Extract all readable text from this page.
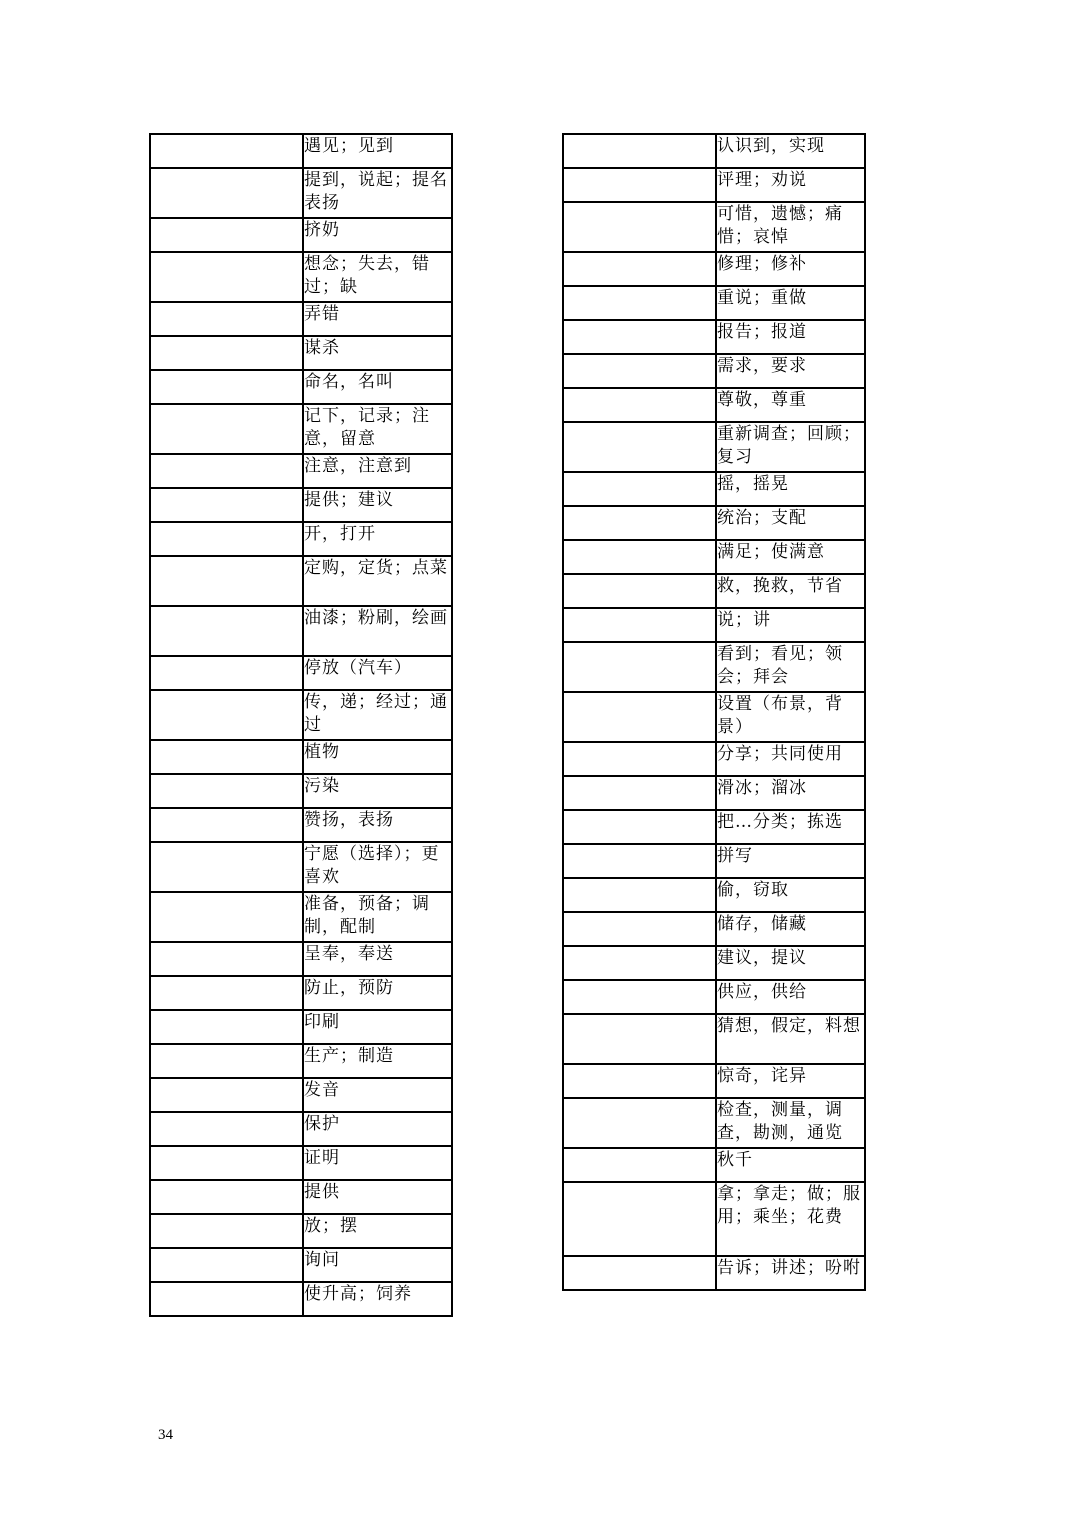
	遇见；见到
	提到，说起；提名表扬
	挤奶
	想念；失去，错过；缺
	弄错
	谋杀
	命名，名叫
	记下，记录；注意，留意
	注意，注意到
	提供；建议
	开，打开
	定购，定货；点菜
	油漆；粉刷，绘画
	停放（汽车）
	传，递；经过；通过
	植物
	污染
	赞扬，表扬
	宁愿（选择）；更喜欢
	准备，预备；调制，配制
	呈奉，奉送
	防止，预防
	印刷
	生产；制造
	发音
	保护
	证明
	提供
	放；摆
	询问
	使升高；饲养
	认识到，实现
	评理；劝说
	可惜，遗憾；痛惜；哀悼
	修理；修补
	重说；重做
	报告；报道
	需求，要求
	尊敬，尊重
	重新调查；回顾；复习
	摇，摇晃
	统治；支配
	满足；使满意
	救，挽救，节省
	说；讲
	看到；看见；领会；拜会
	设置（布景，背景）
	分享；共同使用
	滑冰；溜冰
	把…分类；拣选
	拼写
	偷，窃取
	储存，储藏
	建议，提议
	供应，供给
	猜想，假定，料想
	惊奇，诧异
	检查，测量，调查，勘测，通览
	秋千
	拿；拿走；做；服用；乘坐；花费
	告诉；讲述；吩咐
34
